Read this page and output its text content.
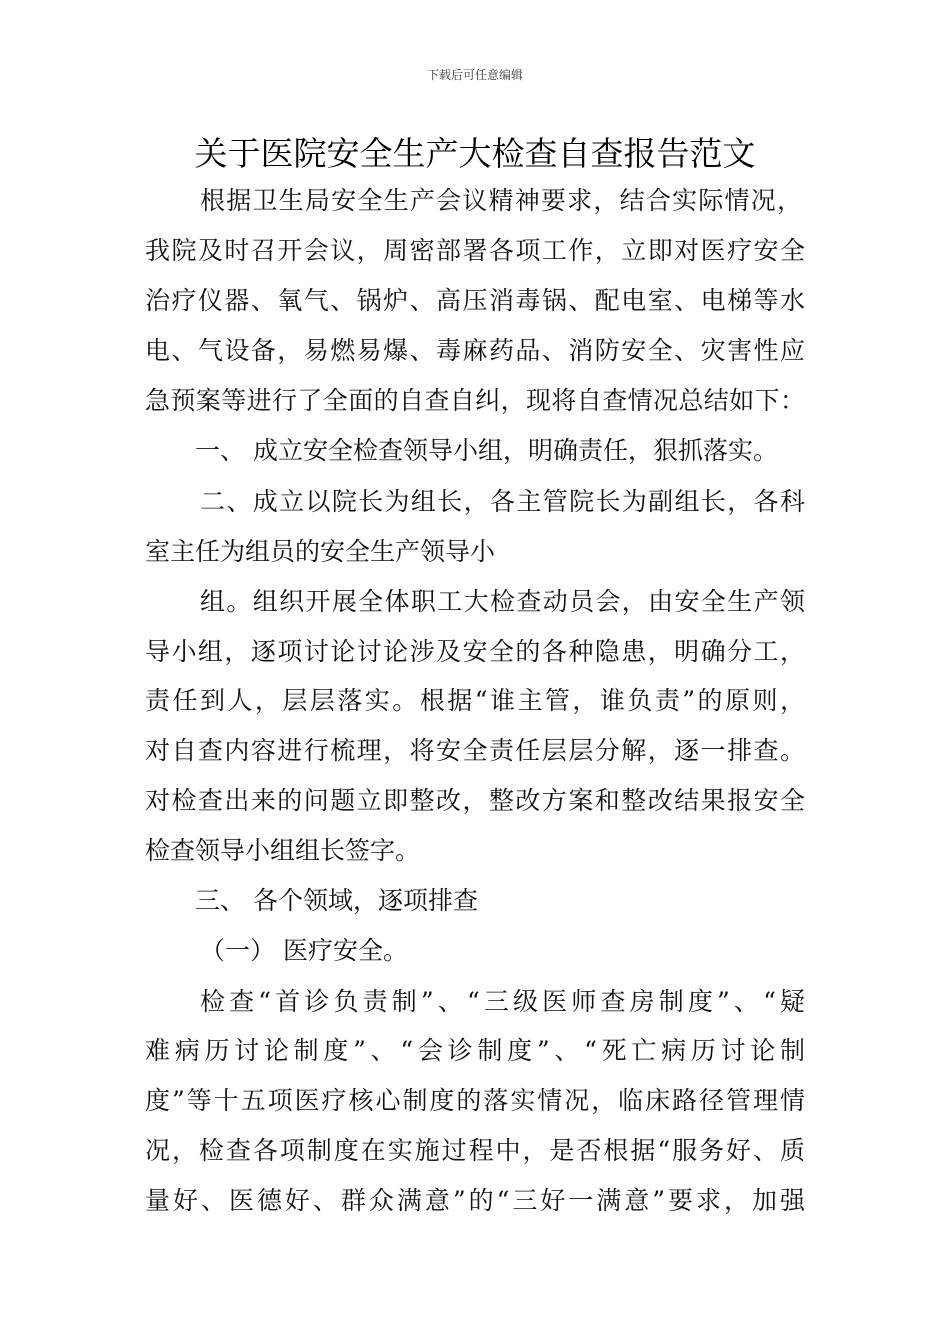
下载后可任意编辑
关于医院安全生产大检查自查报告范文
根据卫生局安全生产会议精神要求，结合实际情况，
我院及时召开会议，周密部署各项工作，立即对医疗安全
治疗仪器、氧气、锅炉、高压消毒锅、配电室、电梯等水
电、气设备，易燃易爆、毒麻药品、消防安全、灾害性应
急预案等进行了全面的自查自纠，现将自查情况总结如下：
一、 成立安全检查领导小组，明确责任，狠抓落实。
二、成立以院长为组长，各主管院长为副组长，各科
室主任为组员的安全生产领导小
组。组织开展全体职工大检查动员会，由安全生产领
导小组，逐项讨论讨论涉及安全的各种隐患，明确分工，
责任到人，层层落实。根据“谁主管，谁负责”的原则，
对自查内容进行梳理，将安全责任层层分解，逐一排查。
对检查出来的问题立即整改，整改方案和整改结果报安全
检查领导小组组长签字。
三、 各个领域，逐项排查
（一） 医疗安全。
检查“首诊负责制”、“三级医师查房制度”、“疑
难病历讨论制度”、“会诊制度”、“死亡病历讨论制
度”等十五项医疗核心制度的落实情况，临床路径管理情
况，检查各项制度在实施过程中，是否根据“服务好、质
量好、医德好、群众满意”的“三好一满意”要求，加强
